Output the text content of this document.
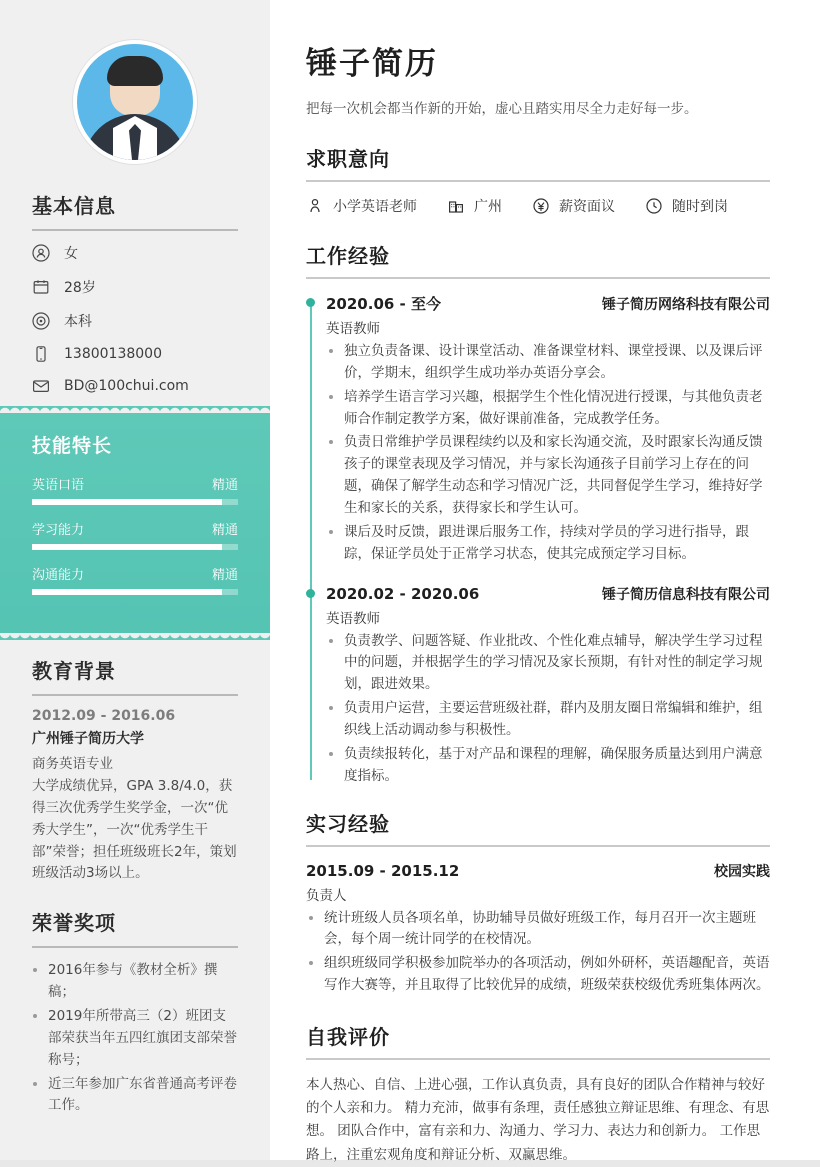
基本信息
女
28岁
本科
13800138000
BD@100chui.com
技能特长
英语口语	精通
学习能力	精通
沟通能力	精通
教育背景
2012.09 - 2016.06
广州锤子简历大学
商务英语专业
大学成绩优异，GPA 3.8/4.0，获得三次优秀学生奖学金，一次“优秀大学生”，一次“优秀学生干部”荣誉；担任班级班长2年，策划班级活动3场以上。
荣誉奖项
• 2016年参与《教材全析》撰稿；
• 2019年所带高三（2）班团支部荣获当年五四红旗团支部荣誉称号；
• 近三年参加广东省普通高考评卷工作。
锤子简历

把每一次机会都当作新的开始，虚心且踏实用尽全力走好每一步。

求职意向
小学英语老师	广州	薪资面议	随时到岗
工作经验
2020.06 - 至今	锤子简历网络科技有限公司
英语教师
• 独立负责备课、设计课堂活动、准备课堂材料、课堂授课、以及课后评价，学期末，组织学生成功举办英语分享会。
• 培养学生语言学习兴趣，根据学生个性化情况进行授课，与其他负责老师合作制定教学方案，做好课前准备，完成教学任务。
• 负责日常维护学员课程续约以及和家长沟通交流，及时跟家长沟通反馈孩子的课堂表现及学习情况，并与家长沟通孩子目前学习上存在的问题，确保了解学生动态和学习情况广泛，共同督促学生学习，维持好学生和家长的关系，获得家长和学生认可。
• 课后及时反馈，跟进课后服务工作，持续对学员的学习进行指导，跟踪，保证学员处于正常学习状态，使其完成预定学习目标。
2020.02 - 2020.06	锤子简历信息科技有限公司
英语教师
• 负责教学、问题答疑、作业批改、个性化难点辅导，解决学生学习过程中的问题，并根据学生的学习情况及家长预期，有针对性的制定学习规划，跟进效果。
• 负责用户运营，主要运营班级社群，群内及朋友圈日常编辑和维护，组织线上活动调动参与积极性。
• 负责续报转化，基于对产品和课程的理解，确保服务质量达到用户满意度指标。
实习经验
2015.09 - 2015.12	校园实践
负责人
• 统计班级人员各项名单，协助辅导员做好班级工作，每月召开一次主题班会，每个周一统计同学的在校情况。
• 组织班级同学积极参加院举办的各项活动，例如外研杯，英语趣配音，英语写作大赛等，并且取得了比较优异的成绩，班级荣获校级优秀班集体两次。
自我评价

本人热心、自信、上进心强，工作认真负责，具有良好的团队合作精神与较好的个人亲和力。 精力充沛，做事有条理，责任感独立辩证思维、有理念、有思想。 团队合作中，富有亲和力、沟通力、学习力、表达力和创新力。 工作思路上，注重宏观角度和辩证分析、双赢思维。
